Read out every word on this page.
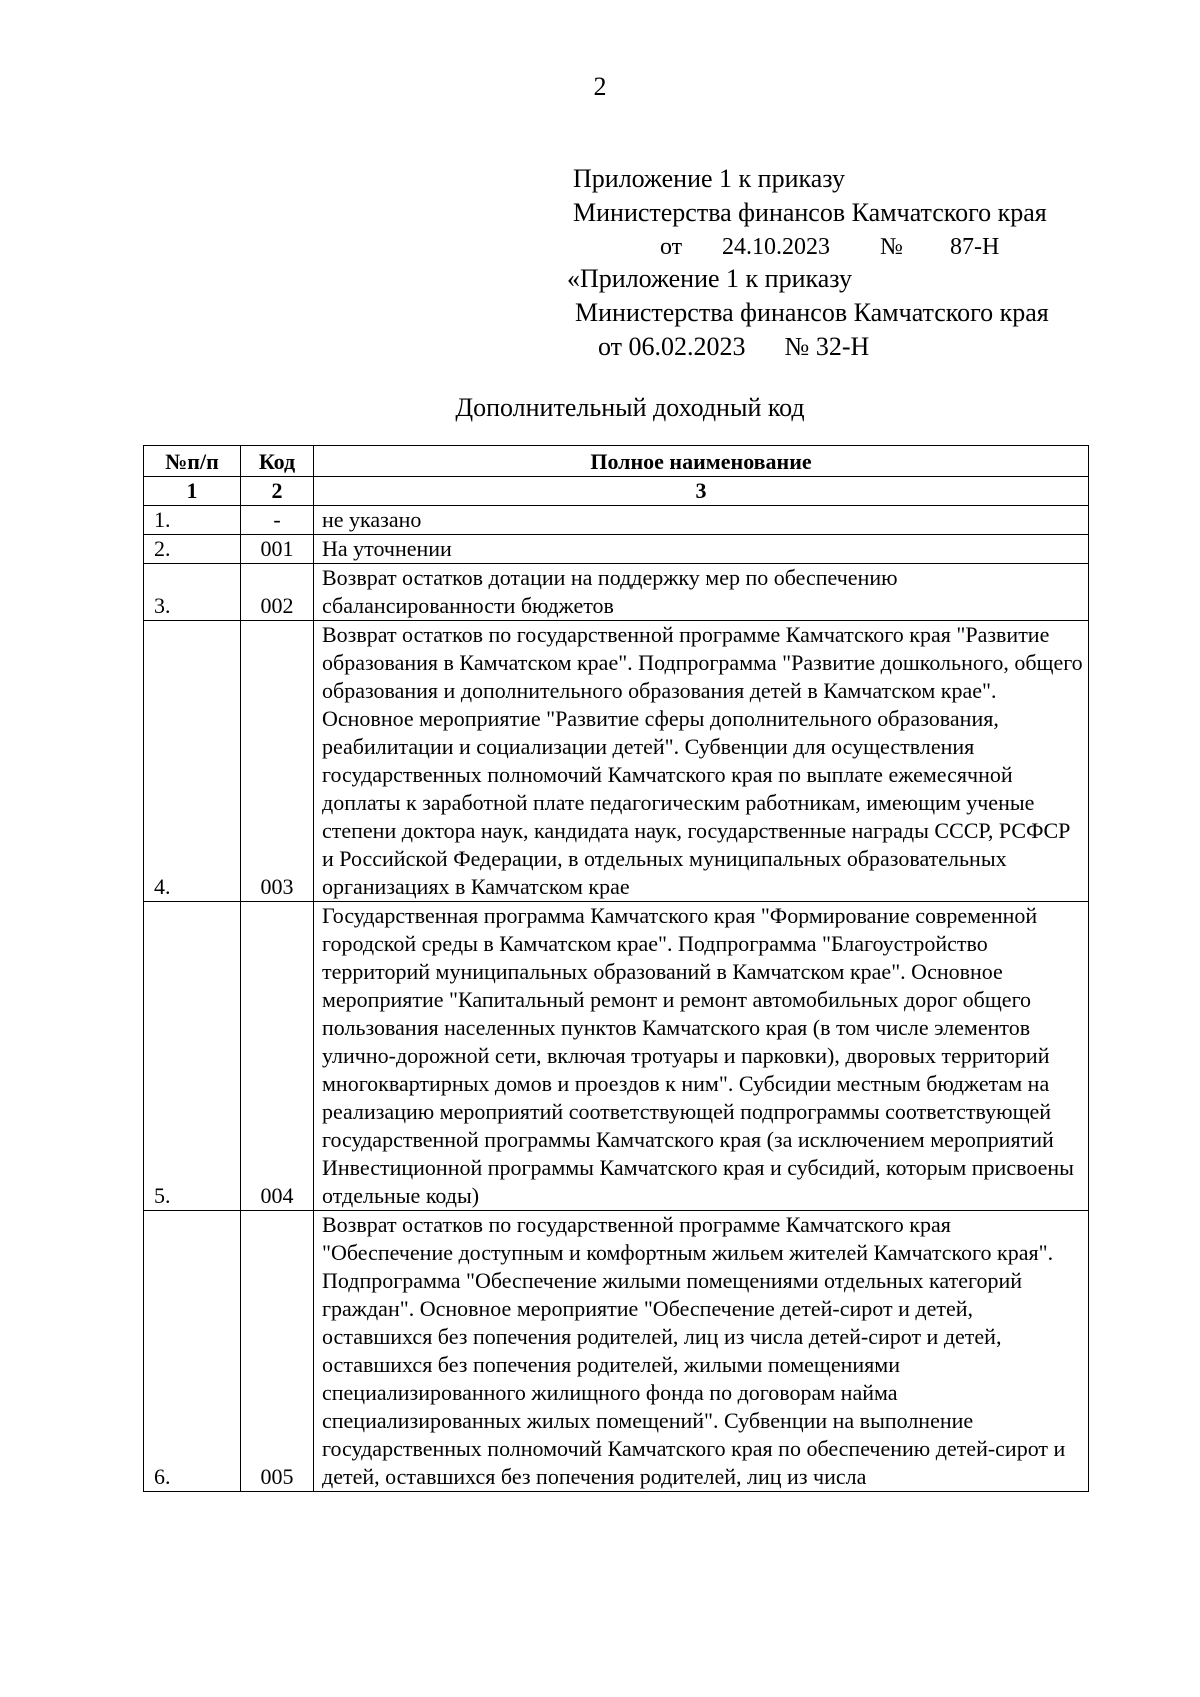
2
Приложение 1 к приказу
Министерства финансов Камчатского края
от 24.10.2023 № 87-Н
«Приложение 1 к приказу
Министерства финансов Камчатского края
от 06.02.2023      № 32-Н
Дополнительный доходный код
№п/п	Код	Полное наименование
1	2	3
1.	-	не указано
2.	001	На уточнении
3.	002	Возврат остатков дотации на поддержку мер по обеспечению сбалансированности бюджетов
4.	003	Возврат остатков по государственной программе Камчатского края "Развитие образования в Камчатском крае". Подпрограмма "Развитие дошкольного, общего образования и дополнительного образования детей в Камчатском крае". Основное мероприятие "Развитие сферы дополнительного образования, реабилитации и социализации детей". Субвенции для осуществления государственных полномочий Камчатского края по выплате ежемесячной доплаты к заработной плате педагогическим работникам, имеющим ученые степени доктора наук, кандидата наук, государственные награды СССР, РСФСР и Российской Федерации, в отдельных муниципальных образовательных организациях в Камчатском крае
5.	004	Государственная программа Камчатского края "Формирование современной городской среды в Камчатском крае". Подпрограмма "Благоустройство территорий муниципальных образований в Камчатском крае". Основное мероприятие "Капитальный ремонт и ремонт автомобильных дорог общего пользования населенных пунктов Камчатского края (в том числе элементов улично-дорожной сети, включая тротуары и парковки), дворовых территорий многоквартирных домов и проездов к ним". Субсидии местным бюджетам на реализацию мероприятий соответствующей подпрограммы соответствующей государственной программы Камчатского края (за исключением мероприятий Инвестиционной программы Камчатского края и субсидий, которым присвоены отдельные коды)
6.	005	Возврат остатков по государственной программе Камчатского края "Обеспечение доступным и комфортным жильем жителей Камчатского края". Подпрограмма "Обеспечение жилыми помещениями отдельных категорий граждан". Основное мероприятие "Обеспечение детей-сирот и детей, оставшихся без попечения родителей, лиц из числа детей-сирот и детей, оставшихся без попечения родителей, жилыми помещениями специализированного жилищного фонда по договорам найма специализированных жилых помещений". Субвенции на выполнение государственных полномочий Камчатского края по обеспечению детей-сирот и детей, оставшихся без попечения родителей, лиц из числа
